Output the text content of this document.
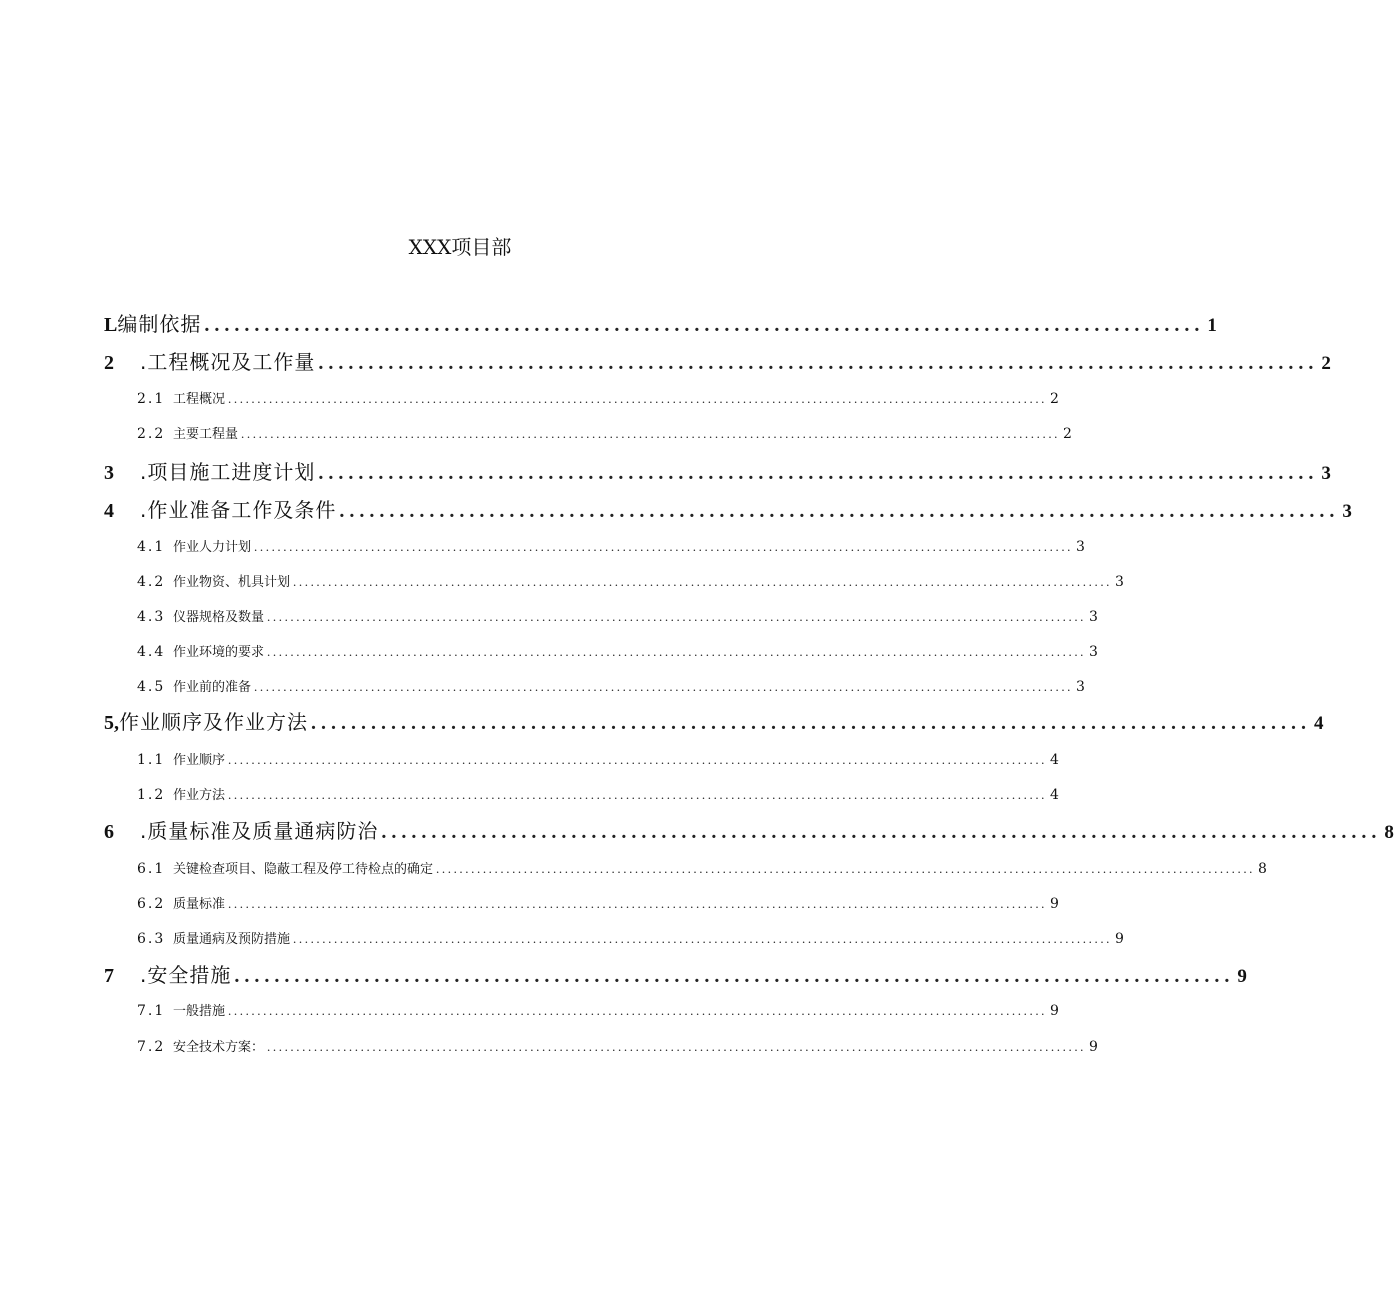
XXX项目部
L 编制依据 .................................................................................................... 1
2	.工程概况及工作量 .................................................................................................... 2
2.1 工程概况 ............................................................................................................................................ 2
2.2 主要工程量 ............................................................................................................................................ 2
3	.项目施工进度计划 .................................................................................................... 3
4	.作业准备工作及条件 .................................................................................................... 3
4.1 作业人力计划 ............................................................................................................................................ 3
4.2 作业物资、机具计划 ............................................................................................................................................ 3
4.3 仪器规格及数量 ............................................................................................................................................ 3
4.4 作业环境的要求 ............................................................................................................................................ 3
4.5 作业前的准备 ............................................................................................................................................ 3
5, 作业顺序及作业方法 .................................................................................................... 4
1.1 作业顺序 ............................................................................................................................................ 4
1.2 作业方法 ............................................................................................................................................ 4
6	.质量标准及质量通病防治 .................................................................................................... 8
6.1 关键检查项目、隐蔽工程及停工待检点的确定 ............................................................................................................................................ 8
6.2 质量标准 ............................................................................................................................................ 9
6.3 质量通病及预防措施 ............................................................................................................................................ 9
7	.安全措施 .................................................................................................... 9
7.1 一般措施 ............................................................................................................................................ 9
7.2 安全技术方案： ............................................................................................................................................ 9
